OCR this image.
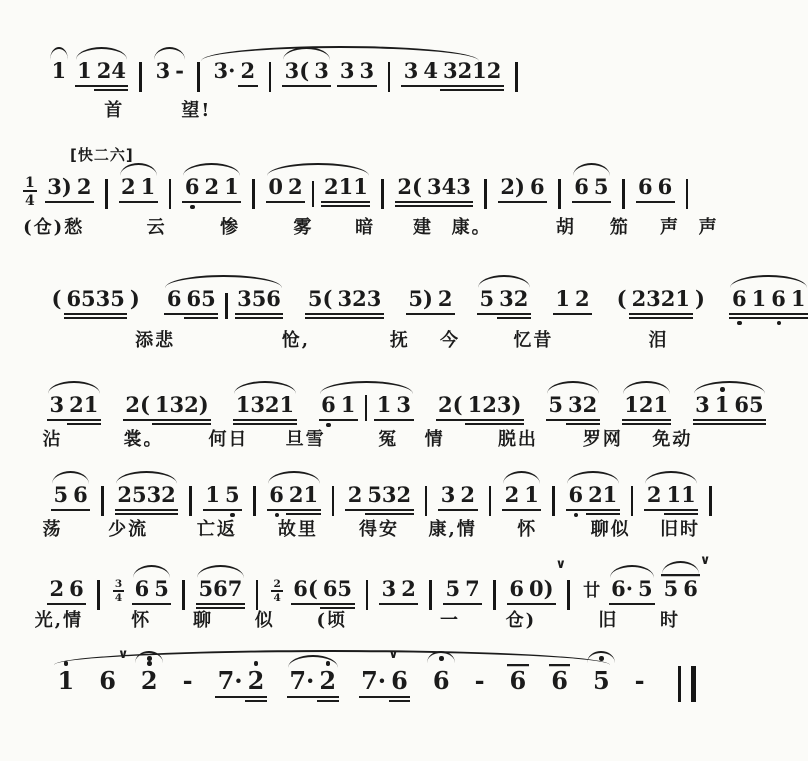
1 1 24 3 - 3· 2 3( 3 3 3 3 4 3212
首	望!
[快二六]
$\frac{1}{4} 3$) 2 2 1 6 2 1 0 2 211 2( 343 2) 6 6 5 6 6
(仓)愁	云	惨	雾 暗 建 康。	胡 笳 声 声
( 6535 ) 6 65 356 5( 323 5) 2 5 32 1 2 ( 2321 ) 6 1 6 1
添悲	怆,	抚 今	忆昔	泪
3 21 2( 132) 1321 6 1 1 3 2( 123) 5 32 121 3 1 65
沾	裳。 何日 旦雪	冤 情	脱出 罗网 免动
5 6 2532 1 5 6 21 2 532 3 2 2 1 6 21 2 11
荡	少流	亡返 故里 得安 康,情 怀	聊似 旧时
2 6	$\frac{3}{4} 6$ 5 567	$\frac{2}{4} 6$( 65 3 2 5 7 6 0)
∨
廿 6· 5 5 6
∨
光,情	怀 聊 似 (顷	一	仓)	旧 时
1 6
∨
2 - 7· 2 7· 2 7·
∨
6 6 - 6 6 5 -
